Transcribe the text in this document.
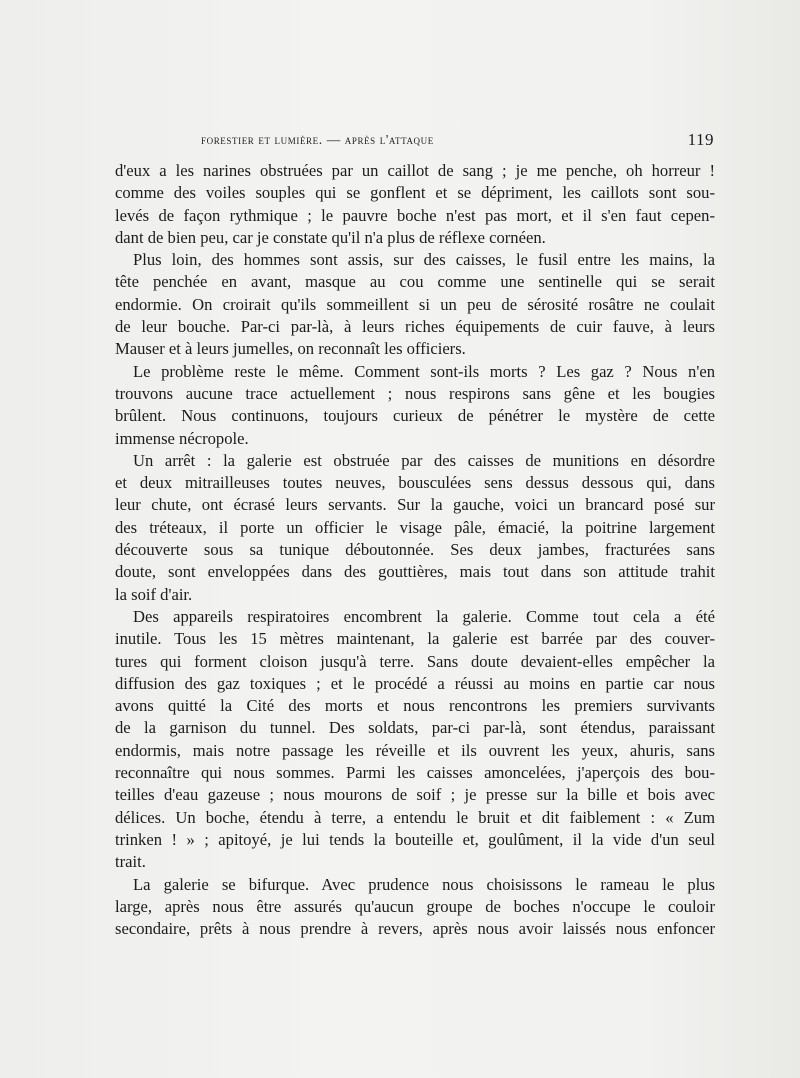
forestier et lumière. — après l'attaque	119
d'eux a les narines obstruées par un caillot de sang ; je me penche, oh horreur !
comme des voiles souples qui se gonflent et se dépriment, les caillots sont sou-
levés de façon rythmique ; le pauvre boche n'est pas mort, et il s'en faut cepen-
dant de bien peu, car je constate qu'il n'a plus de réflexe cornéen.
Plus loin, des hommes sont assis, sur des caisses, le fusil entre les mains, la
tête penchée en avant, masque au cou comme une sentinelle qui se serait
endormie. On croirait qu'ils sommeillent si un peu de sérosité rosâtre ne coulait
de leur bouche. Par-ci par-là, à leurs riches équipements de cuir fauve, à leurs
Mauser et à leurs jumelles, on reconnaît les officiers.
Le problème reste le même. Comment sont-ils morts ? Les gaz ? Nous n'en
trouvons aucune trace actuellement ; nous respirons sans gêne et les bougies
brûlent. Nous continuons, toujours curieux de pénétrer le mystère de cette
immense nécropole.
Un arrêt : la galerie est obstruée par des caisses de munitions en désordre
et deux mitrailleuses toutes neuves, bousculées sens dessus dessous qui, dans
leur chute, ont écrasé leurs servants. Sur la gauche, voici un brancard posé sur
des tréteaux, il porte un officier le visage pâle, émacié, la poitrine largement
découverte sous sa tunique déboutonnée. Ses deux jambes, fracturées sans
doute, sont enveloppées dans des gouttières, mais tout dans son attitude trahit
la soif d'air.
Des appareils respiratoires encombrent la galerie. Comme tout cela a été
inutile. Tous les 15 mètres maintenant, la galerie est barrée par des couver-
tures qui forment cloison jusqu'à terre. Sans doute devaient-elles empêcher la
diffusion des gaz toxiques ; et le procédé a réussi au moins en partie car nous
avons quitté la Cité des morts et nous rencontrons les premiers survivants
de la garnison du tunnel. Des soldats, par-ci par-là, sont étendus, paraissant
endormis, mais notre passage les réveille et ils ouvrent les yeux, ahuris, sans
reconnaître qui nous sommes. Parmi les caisses amoncelées, j'aperçois des bou-
teilles d'eau gazeuse ; nous mourons de soif ; je presse sur la bille et bois avec
délices. Un boche, étendu à terre, a entendu le bruit et dit faiblement : « Zum
trinken ! » ; apitoyé, je lui tends la bouteille et, goulûment, il la vide d'un seul
trait.
La galerie se bifurque. Avec prudence nous choisissons le rameau le plus
large, après nous être assurés qu'aucun groupe de boches n'occupe le couloir
secondaire, prêts à nous prendre à revers, après nous avoir laissés nous enfoncer
